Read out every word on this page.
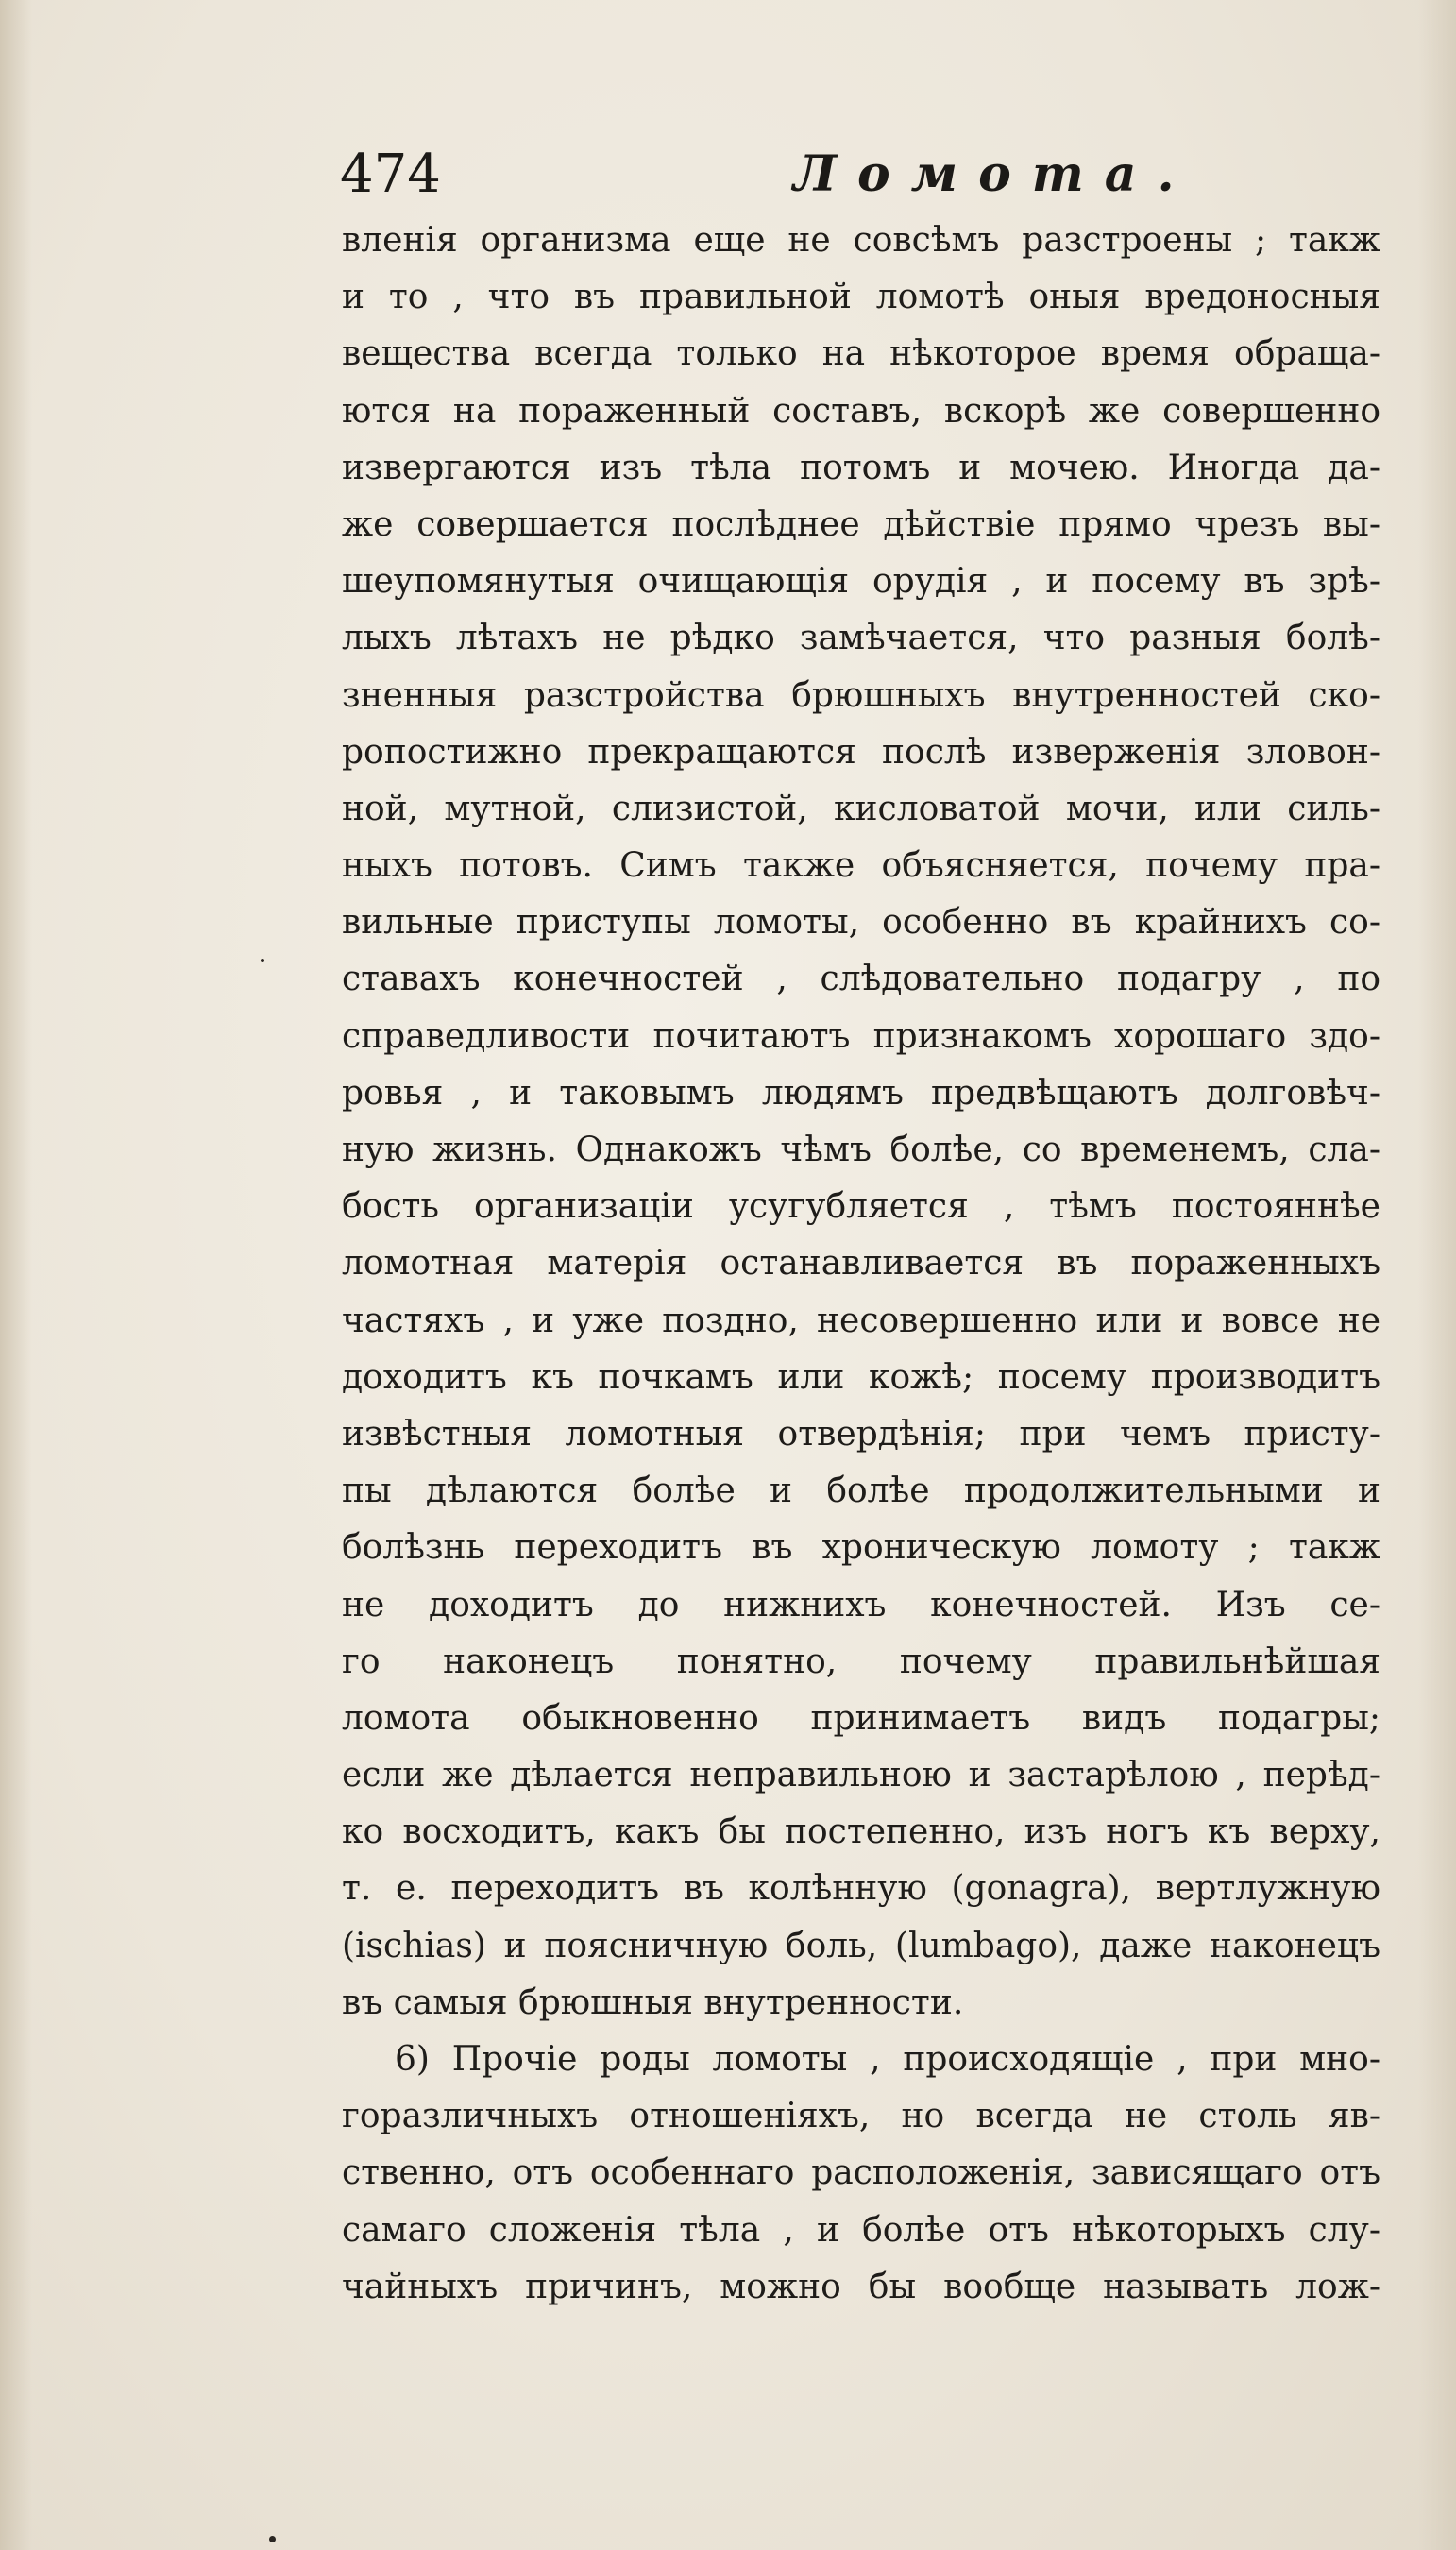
474	Ломота.
вленія организма еще не совсѣмъ разстроены ; такж
и то , что въ правильной ломотѣ оныя вредоносныя
вещества всегда только на нѣкоторое время обраща-
ются на пораженный составъ, вскорѣ же совершенно
извергаются изъ тѣла потомъ и мочею. Иногда да-
же совершается послѣднее дѣйствіе прямо чрезъ вы-
шеупомянутыя очищающія орудія , и посему въ зрѣ-
лыхъ лѣтахъ не рѣдко замѣчается, что разныя болѣ-
зненныя разстройства брюшныхъ внутренностей ско-
ропостижно прекращаются послѣ изверженія зловон-
ной, мутной, слизистой, кисловатой мочи, или силь-
ныхъ потовъ. Симъ также объясняется, почему пра-
вильные приступы ломоты, особенно въ крайнихъ со-
ставахъ конечностей , слѣдовательно подагру , по
справедливости почитаютъ признакомъ хорошаго здо-
ровья , и таковымъ людямъ предвѣщаютъ долговѣч-
ную жизнь. Однакожъ чѣмъ болѣе, со временемъ, сла-
бость организаціи усугубляется , тѣмъ постояннѣе
ломотная матерія останавливается въ пораженныхъ
частяхъ , и уже поздно, несовершенно или и вовсе не
доходитъ къ почкамъ или кожѣ; посему производитъ
извѣстныя ломотныя отвердѣнія; при чемъ присту-
пы дѣлаются болѣе и болѣе продолжительными и
болѣзнь переходитъ въ хроническую ломоту ; такж
не доходитъ до нижнихъ конечностей. Изъ се-
го наконецъ понятно, почему правильнѣйшая
ломота обыкновенно принимаетъ видъ подагры;
если же дѣлается неправильною и застарѣлою , перѣд-
ко восходитъ, какъ бы постепенно, изъ ногъ къ верху,
т. е. переходитъ въ колѣнную (gonagra), вертлужную
(ischias) и поясничную боль, (lumbago), даже наконецъ
въ самыя брюшныя внутренности.
6) Прочіе роды ломоты , происходящіе , при мно-
горазличныхъ отношеніяхъ, но всегда не столь яв-
ственно, отъ особеннаго расположенія, зависящаго отъ
самаго сложенія тѣла , и болѣе отъ нѣкоторыхъ слу-
чайныхъ причинъ, можно бы вообще называть лож-
